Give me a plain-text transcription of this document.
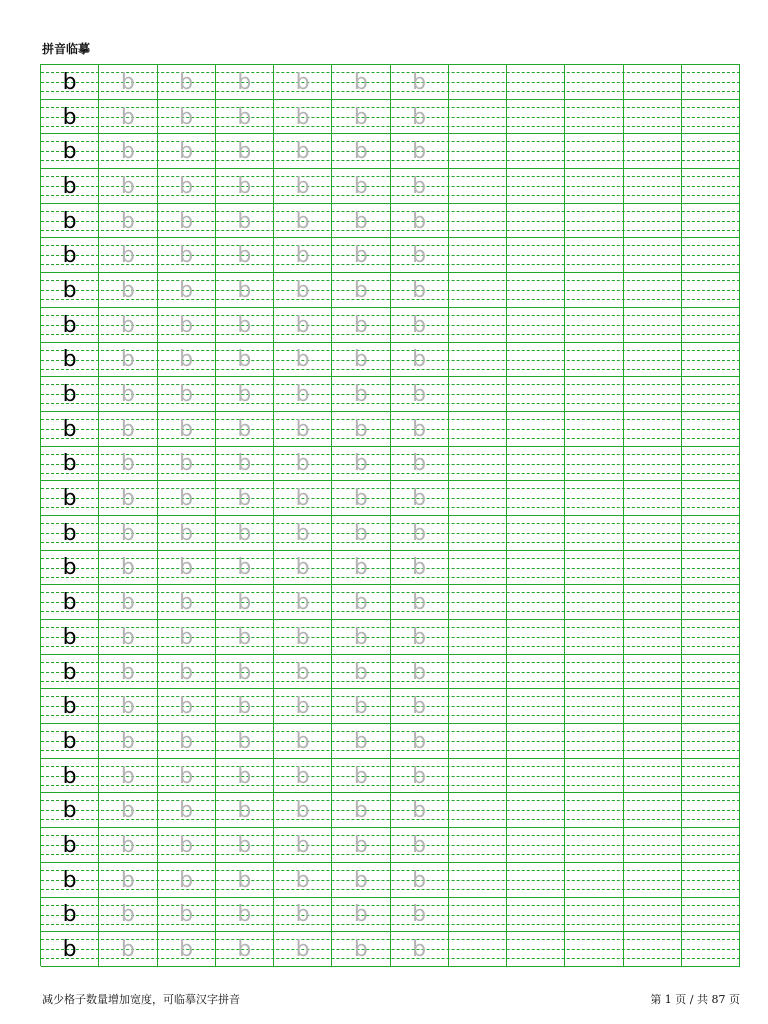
拼音临摹
b b b b b b b
b b b b b b b
b b b b b b b
b b b b b b b
b b b b b b b
b b b b b b b
b b b b b b b
b b b b b b b
b b b b b b b
b b b b b b b
b b b b b b b
b b b b b b b
b b b b b b b
b b b b b b b
b b b b b b b
b b b b b b b
b b b b b b b
b b b b b b b
b b b b b b b
b b b b b b b
b b b b b b b
b b b b b b b
b b b b b b b
b b b b b b b
b b b b b b b
b b b b b b b
减少格子数量增加宽度，可临摹汉字拼音	第 1 页 / 共 87 页
